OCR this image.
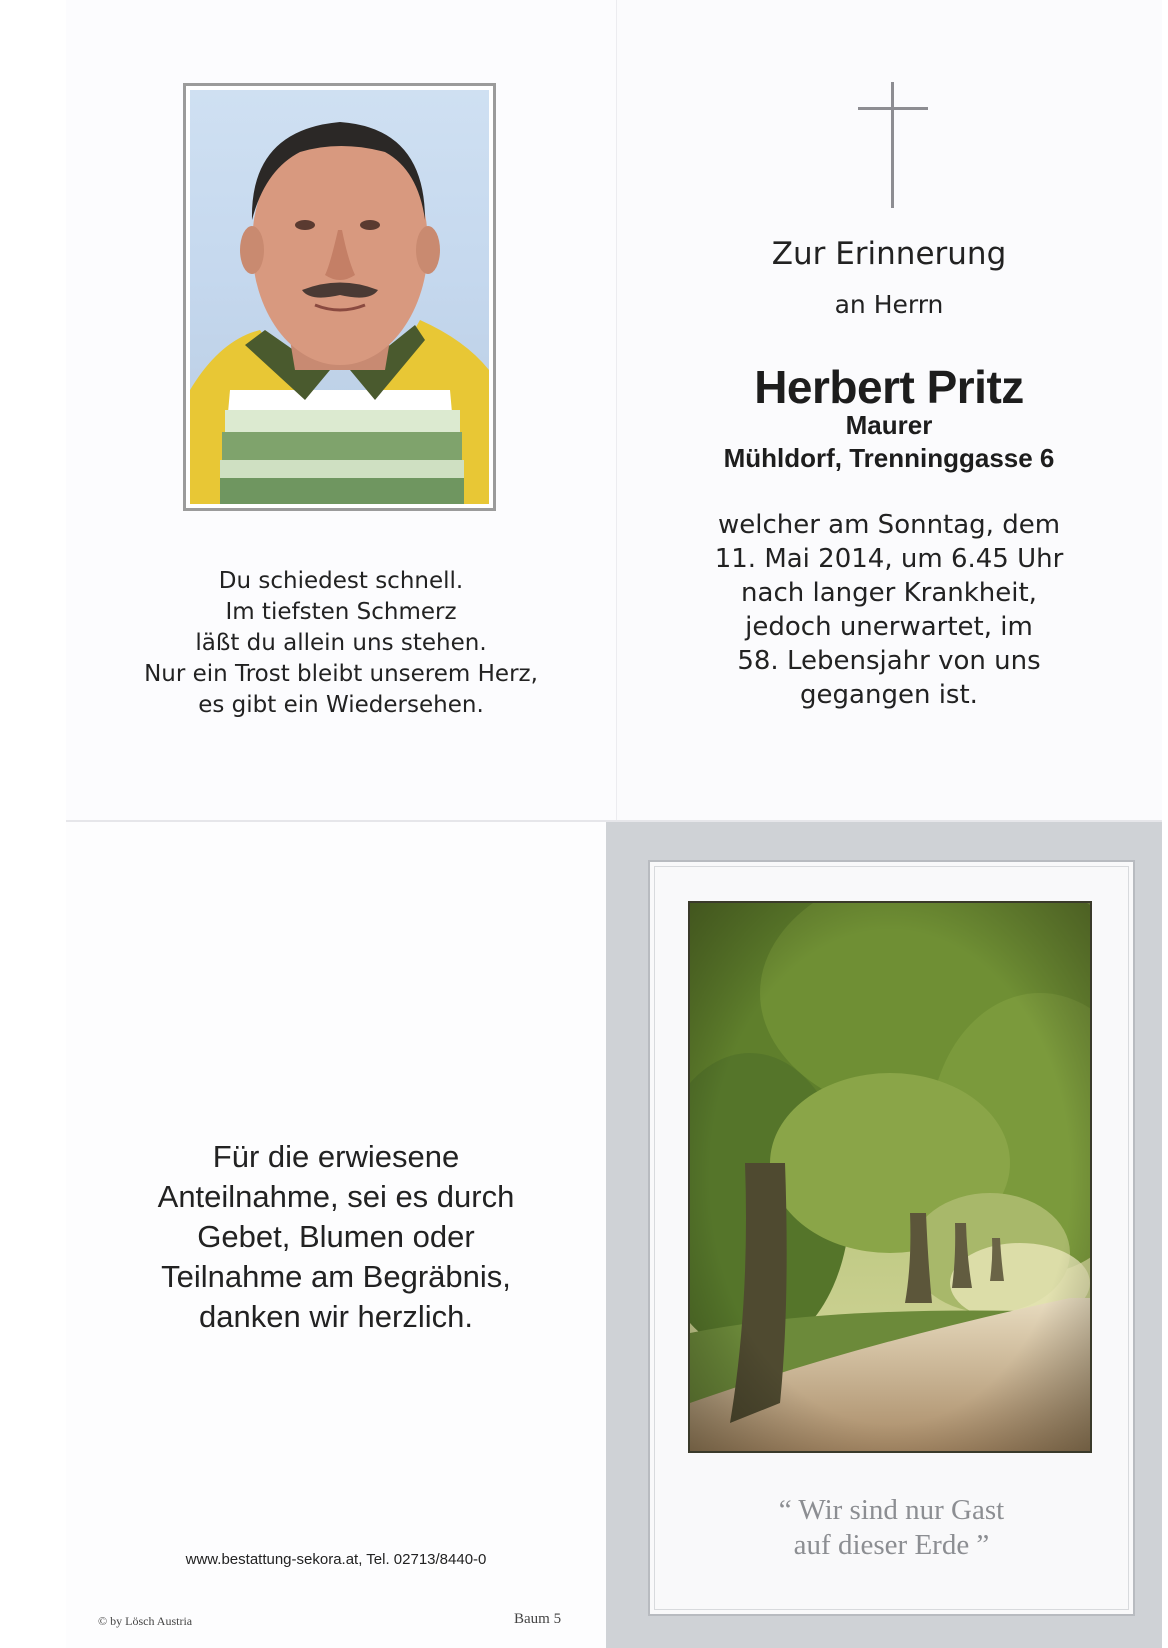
Du schiedest schnell.
Im tiefsten Schmerz
läßt du allein uns stehen.
Nur ein Trost bleibt unserem Herz,
es gibt ein Wiedersehen.
Zur Erinnerung
an Herrn
Herbert Pritz
Maurer
Mühldorf, Trenninggasse 6
welcher am Sonntag, dem
11. Mai 2014, um 6.45 Uhr
nach langer Krankheit,
jedoch unerwartet, im
58. Lebensjahr von uns
gegangen ist.
Für die erwiesene
Anteilnahme, sei es durch
Gebet, Blumen oder
Teilnahme am Begräbnis,
danken wir herzlich.
www.bestattung-sekora.at, Tel. 02713/8440-0
© by Lösch Austria	Baum 5
“ Wir sind nur Gast
auf dieser Erde ”
